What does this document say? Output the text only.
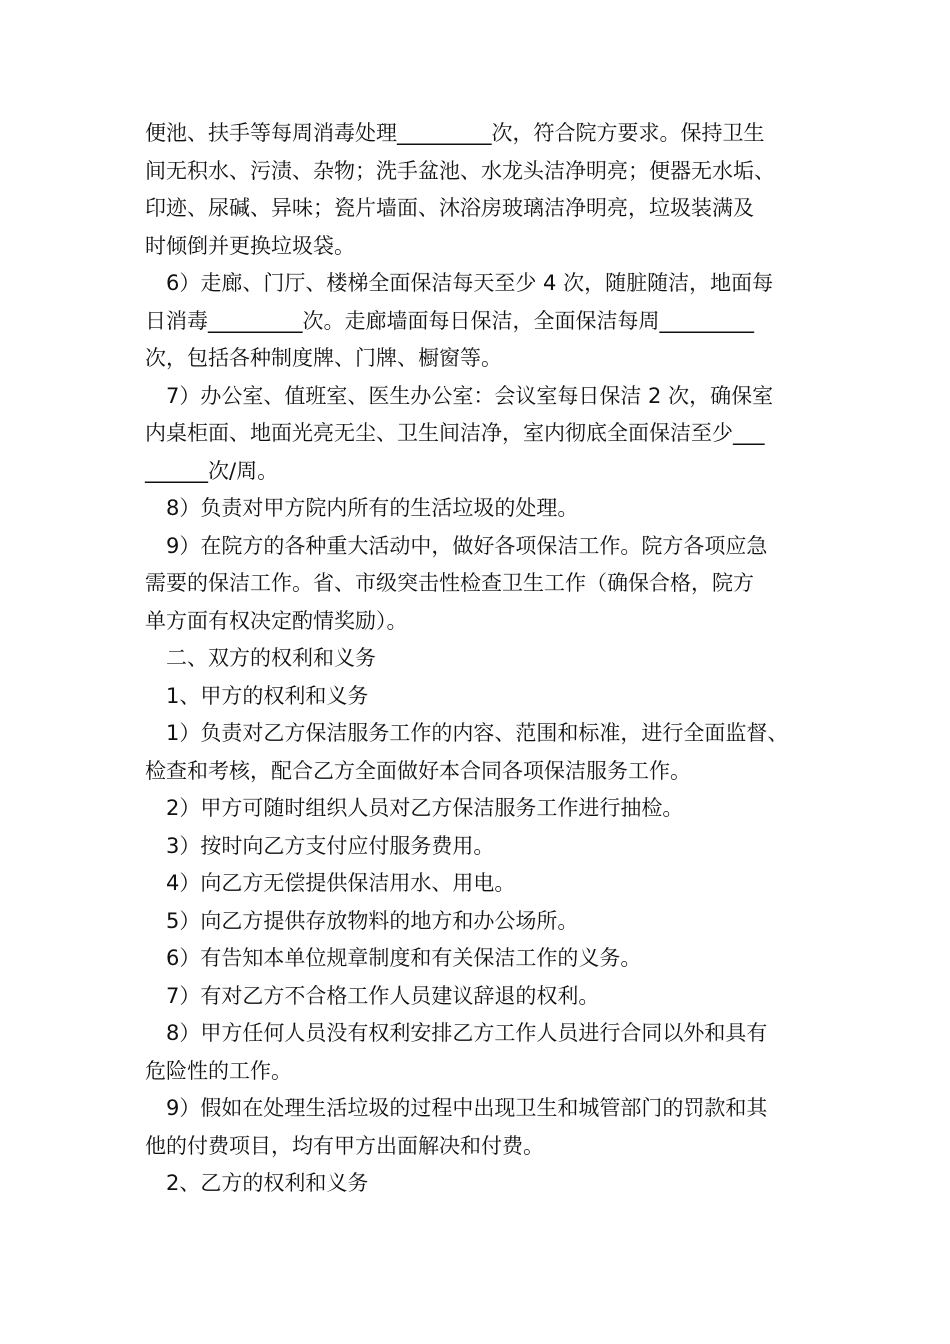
便池、扶手等每周消毒处理_________次，符合院方要求。保持卫生
间无积水、污渍、杂物；洗手盆池、水龙头洁净明亮；便器无水垢、
印迹、尿碱、异味；瓷片墙面、沐浴房玻璃洁净明亮，垃圾装满及
时倾倒并更换垃圾袋。
6）走廊、门厅、楼梯全面保洁每天至少 4 次，随脏随洁，地面每
日消毒_________次。走廊墙面每日保洁，全面保洁每周_________
次，包括各种制度牌、门牌、橱窗等。
7）办公室、值班室、医生办公室：会议室每日保洁 2 次，确保室
内桌柜面、地面光亮无尘、卫生间洁净，室内彻底全面保洁至少___
______次/周。
8）负责对甲方院内所有的生活垃圾的处理。
9）在院方的各种重大活动中，做好各项保洁工作。院方各项应急
需要的保洁工作。省、市级突击性检查卫生工作（确保合格，院方
单方面有权决定酌情奖励）。
二、双方的权利和义务
1、甲方的权利和义务
1）负责对乙方保洁服务工作的内容、范围和标准，进行全面监督、
检查和考核，配合乙方全面做好本合同各项保洁服务工作。
2）甲方可随时组织人员对乙方保洁服务工作进行抽检。
3）按时向乙方支付应付服务费用。
4）向乙方无偿提供保洁用水、用电。
5）向乙方提供存放物料的地方和办公场所。
6）有告知本单位规章制度和有关保洁工作的义务。
7）有对乙方不合格工作人员建议辞退的权利。
8）甲方任何人员没有权利安排乙方工作人员进行合同以外和具有
危险性的工作。
9）假如在处理生活垃圾的过程中出现卫生和城管部门的罚款和其
他的付费项目，均有甲方出面解决和付费。
2、乙方的权利和义务
